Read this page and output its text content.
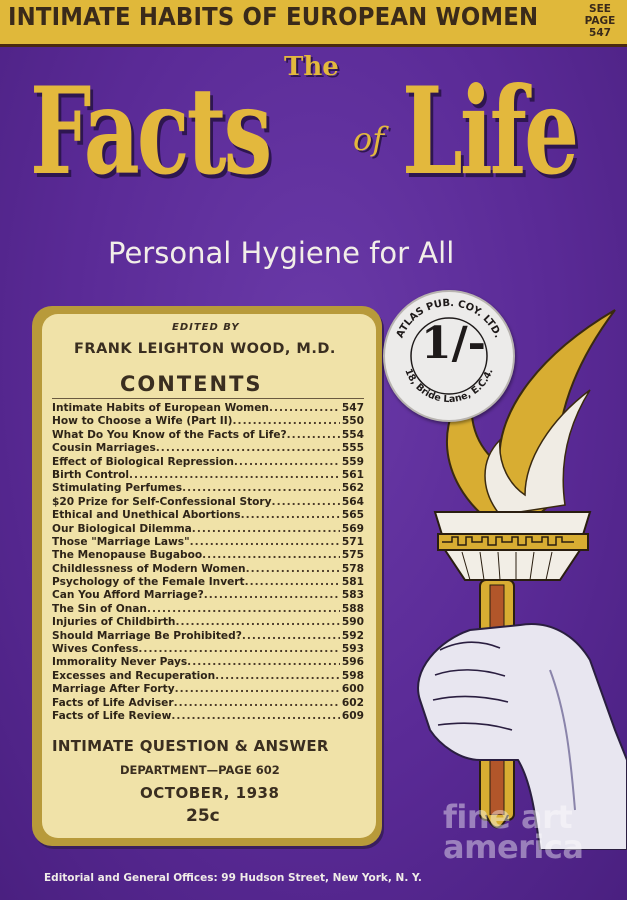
INTIMATE HABITS OF EUROPEAN WOMEN	SEE
PAGE
547
The
Facts	of Life
Personal Hygiene for All
EDITED BY
FRANK LEIGHTON WOOD, M.D.
CONTENTS
Intimate Habits of European Women .....	547
How to Choose a Wife (Part II) .....	550
What Do You Know of the Facts of Life? .....	554
Cousin Marriages .....	555
Effect of Biological Repression .....	559
Birth Control .....	561
Stimulating Perfumes .....	562
$20 Prize for Self-Confessional Story .....	564
Ethical and Unethical Abortions .....	565
Our Biological Dilemma .....	569
Those "Marriage Laws" .....	571
The Menopause Bugaboo .....	575
Childlessness of Modern Women .....	578
Psychology of the Female Invert .....	581
Can You Afford Marriage? .....	583
The Sin of Onan .....	588
Injuries of Childbirth .....	590
Should Marriage Be Prohibited? .....	592
Wives Confess .....	593
Immorality Never Pays .....	596
Excesses and Recuperation .....	598
Marriage After Forty .....	600
Facts of Life Adviser .....	602
Facts of Life Review .....	609
INTIMATE QUESTION & ANSWER
DEPARTMENT—PAGE 602
OCTOBER, 1938
25c
ATLAS PUB. COY. LTD.
18, Bride Lane, E.C.4.
1/-
fine art
america
Editorial and General Offices: 99 Hudson Street, New York, N. Y.
